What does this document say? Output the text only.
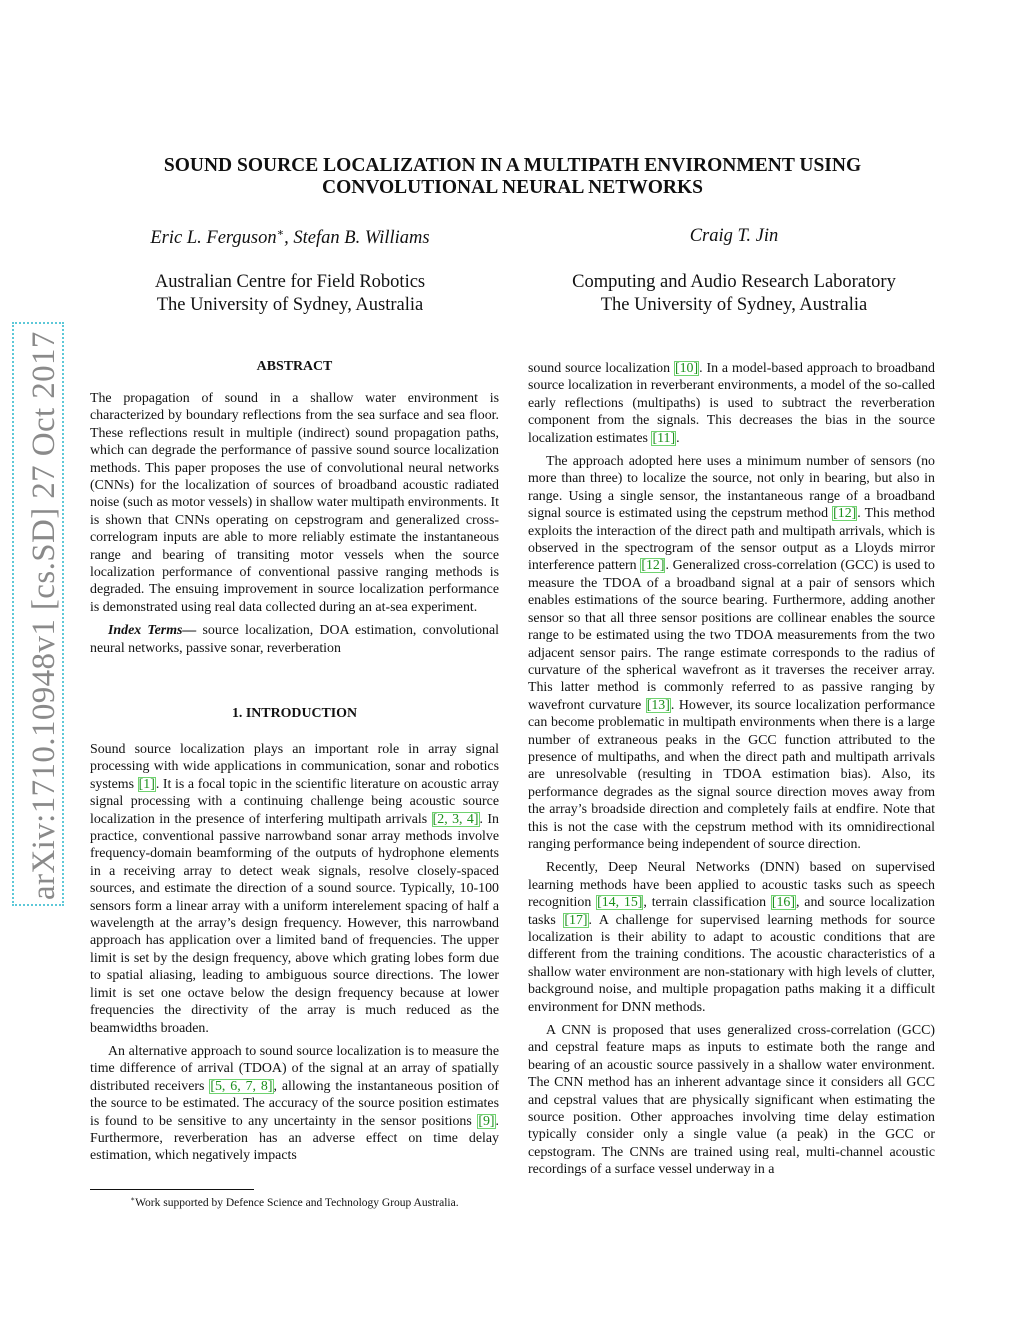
arXiv:1710.10948v1 [cs.SD] 27 Oct 2017
SOUND SOURCE LOCALIZATION IN A MULTIPATH ENVIRONMENT USING
CONVOLUTIONAL NEURAL NETWORKS
Eric L. Ferguson∗, Stefan B. Williams
Australian Centre for Field Robotics
The University of Sydney, Australia
Craig T. Jin
Computing and Audio Research Laboratory
The University of Sydney, Australia
ABSTRACT

The propagation of sound in a shallow water environment is characterized by boundary reflections from the sea surface and sea floor. These reflections result in multiple (indirect) sound propagation paths, which can degrade the performance of passive sound source localization methods. This paper proposes the use of convolutional neural networks (CNNs) for the localization of sources of broadband acoustic radiated noise (such as motor vessels) in shallow water multipath environments. It is shown that CNNs operating on cepstrogram and generalized cross-correlogram inputs are able to more reliably estimate the instantaneous range and bearing of transiting motor vessels when the source localization performance of conventional passive ranging methods is degraded. The ensuing improvement in source localization performance is demonstrated using real data collected during an at-sea experiment.

Index Terms— source localization, DOA estimation, convolutional neural networks, passive sonar, reverberation

1. INTRODUCTION

Sound source localization plays an important role in array signal processing with wide applications in communication, sonar and robotics systems [1]. It is a focal topic in the scientific literature on acoustic array signal processing with a continuing challenge being acoustic source localization in the presence of interfering multipath arrivals [2, 3, 4]. In practice, conventional passive narrowband sonar array methods involve frequency-domain beamforming of the outputs of hydrophone elements in a receiving array to detect weak signals, resolve closely-spaced sources, and estimate the direction of a sound source. Typically, 10-100 sensors form a linear array with a uniform interelement spacing of half a wavelength at the array’s design frequency. However, this narrowband approach has application over a limited band of frequencies. The upper limit is set by the design frequency, above which grating lobes form due to spatial aliasing, leading to ambiguous source directions. The lower limit is set one octave below the design frequency because at lower frequencies the directivity of the array is much reduced as the beamwidths broaden.

An alternative approach to sound source localization is to measure the time difference of arrival (TDOA) of the signal at an array of spatially distributed receivers [5, 6, 7, 8], allowing the instantaneous position of the source to be estimated. The accuracy of the source position estimates is found to be sensitive to any uncertainty in the sensor positions [9]. Furthermore, reverberation has an adverse effect on time delay estimation, which negatively impacts

sound source localization [10]. In a model-based approach to broadband source localization in reverberant environments, a model of the so-called early reflections (multipaths) is used to subtract the reverberation component from the signals. This decreases the bias in the source localization estimates [11].

The approach adopted here uses a minimum number of sensors (no more than three) to localize the source, not only in bearing, but also in range. Using a single sensor, the instantaneous range of a broadband signal source is estimated using the cepstrum method [12]. This method exploits the interaction of the direct path and multipath arrivals, which is observed in the spectrogram of the sensor output as a Lloyds mirror interference pattern [12]. Generalized cross-correlation (GCC) is used to measure the TDOA of a broadband signal at a pair of sensors which enables estimations of the source bearing. Furthermore, adding another sensor so that all three sensor positions are collinear enables the source range to be estimated using the two TDOA measurements from the two adjacent sensor pairs. The range estimate corresponds to the radius of curvature of the spherical wavefront as it traverses the receiver array. This latter method is commonly referred to as passive ranging by wavefront curvature [13]. However, its source localization performance can become problematic in multipath environments when there is a large number of extraneous peaks in the GCC function attributed to the presence of multipaths, and when the direct path and multipath arrivals are unresolvable (resulting in TDOA estimation bias). Also, its performance degrades as the signal source direction moves away from the array’s broadside direction and completely fails at endfire. Note that this is not the case with the cepstrum method with its omnidirectional ranging performance being independent of source direction.

Recently, Deep Neural Networks (DNN) based on supervised learning methods have been applied to acoustic tasks such as speech recognition [14, 15], terrain classification [16], and source localization tasks [17]. A challenge for supervised learning methods for source localization is their ability to adapt to acoustic conditions that are different from the training conditions. The acoustic characteristics of a shallow water environment are non-stationary with high levels of clutter, background noise, and multiple propagation paths making it a difficult environment for DNN methods.

A CNN is proposed that uses generalized cross-correlation (GCC) and cepstral feature maps as inputs to estimate both the range and bearing of an acoustic source passively in a shallow water environment. The CNN method has an inherent advantage since it considers all GCC and cepstral values that are physically significant when estimating the source position. Other approaches involving time delay estimation typically consider only a single value (a peak) in the GCC or cepstogram. The CNNs are trained using real, multi-channel acoustic recordings of a surface vessel underway in a

∗Work supported by Defence Science and Technology Group Australia.
